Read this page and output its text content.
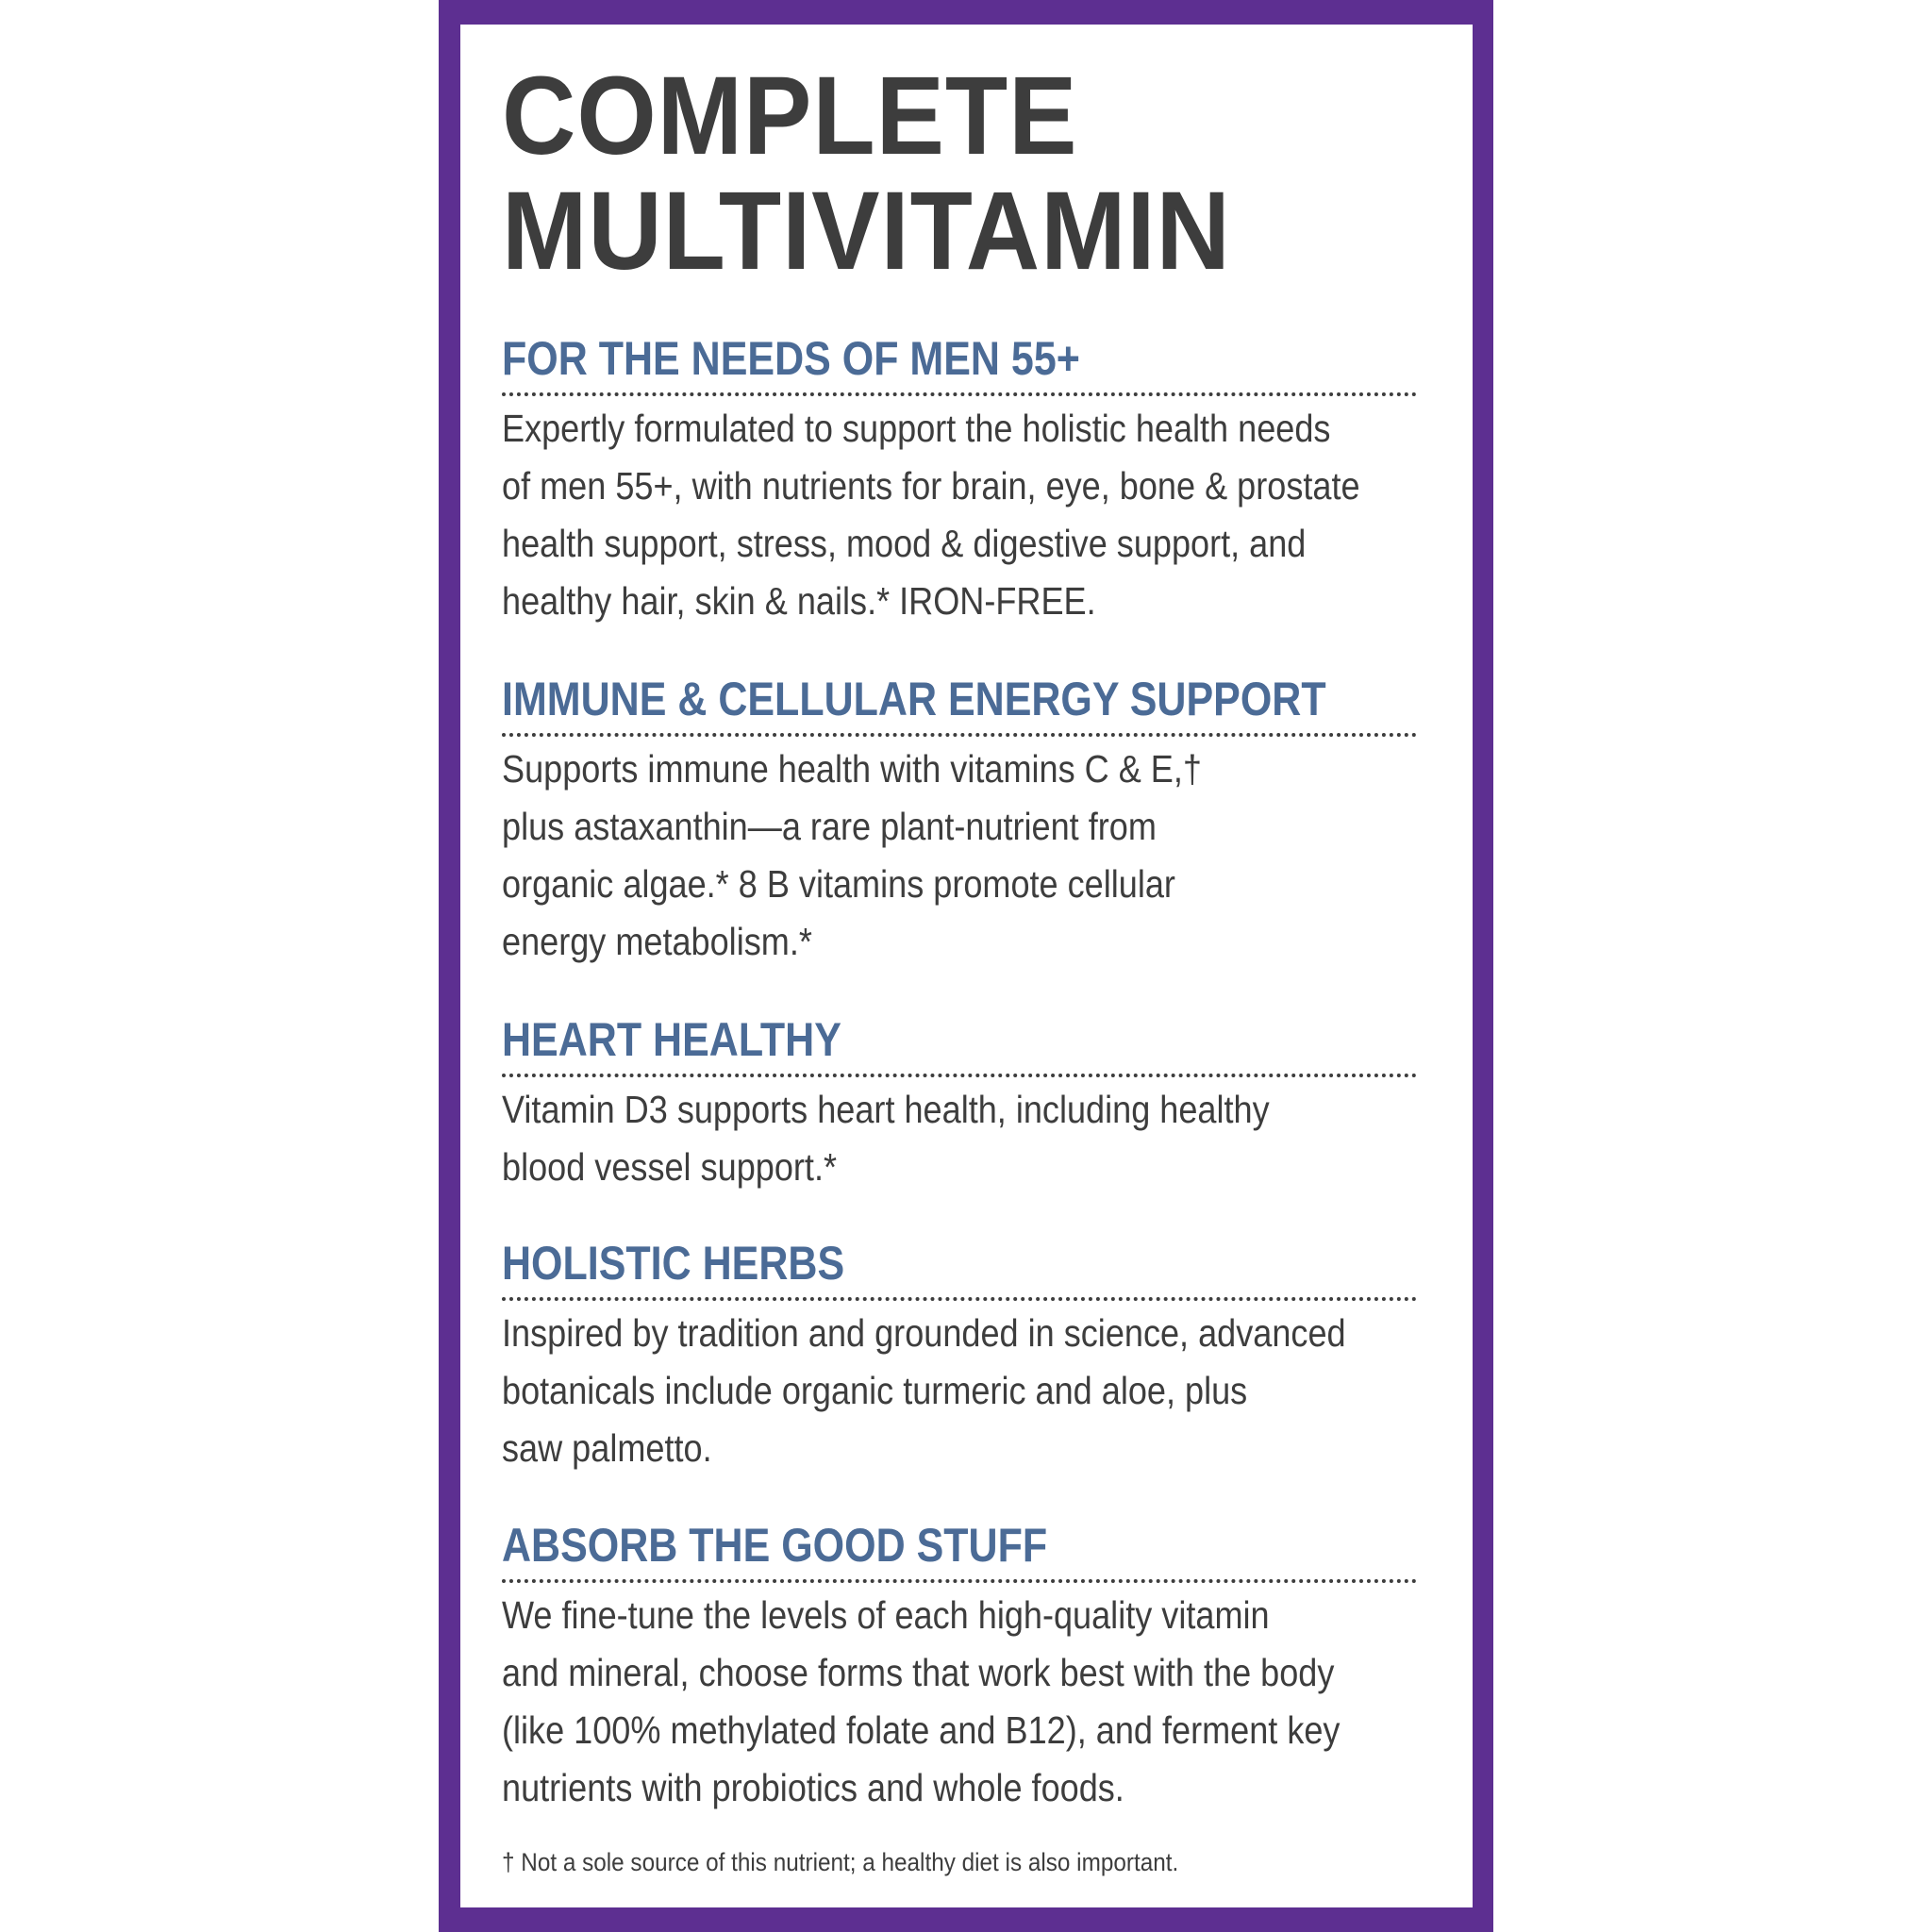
COMPLETE
MULTIVITAMIN
FOR THE NEEDS OF MEN 55+

Expertly formulated to support the holistic health needs
of men 55+, with nutrients for brain, eye, bone & prostate
health support, stress, mood & digestive support, and
healthy hair, skin & nails.* IRON-FREE.

IMMUNE & CELLULAR ENERGY SUPPORT

Supports immune health with vitamins C & E,†
plus astaxanthin—a rare plant-nutrient from
organic algae.* 8 B vitamins promote cellular
energy metabolism.*

HEART HEALTHY

Vitamin D3 supports heart health, including healthy
blood vessel support.*

HOLISTIC HERBS

Inspired by tradition and grounded in science, advanced
botanicals include organic turmeric and aloe, plus
saw palmetto.

ABSORB THE GOOD STUFF

We fine-tune the levels of each high-quality vitamin
and mineral, choose forms that work best with the body
(like 100% methylated folate and B12), and ferment key
nutrients with probiotics and whole foods.

† Not a sole source of this nutrient; a healthy diet is also important.
